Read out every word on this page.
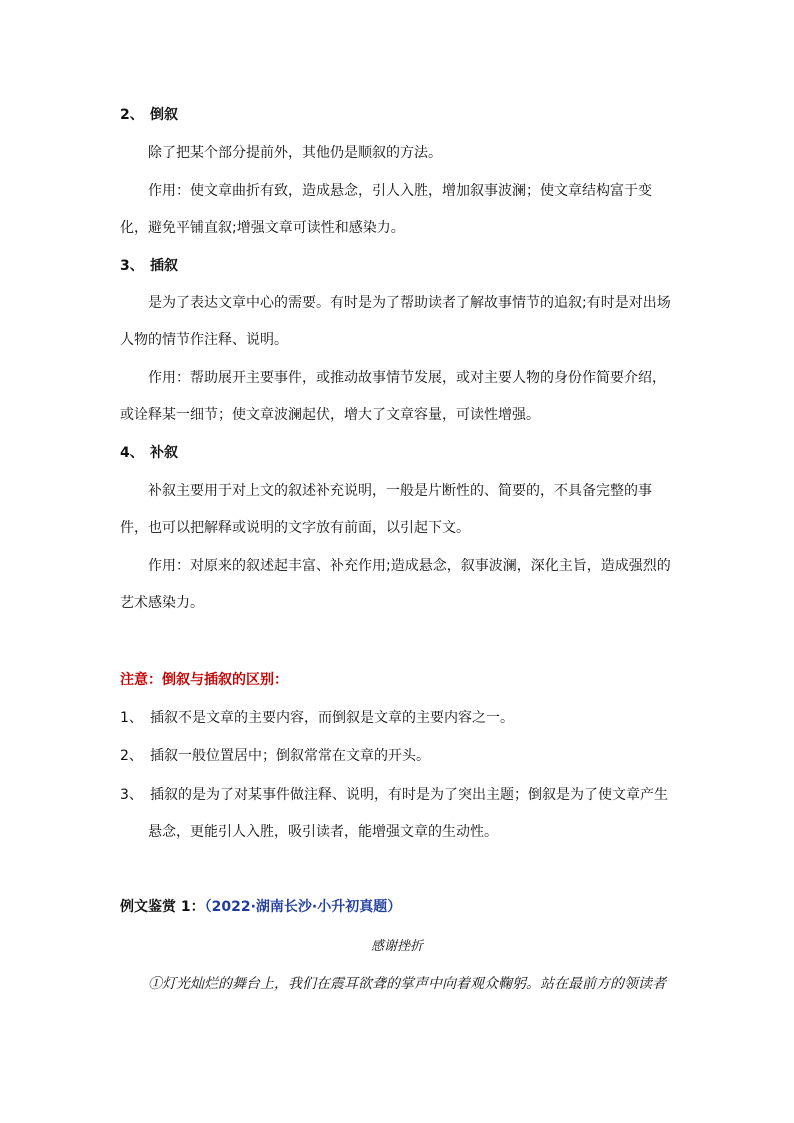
2、 倒叙
除了把某个部分提前外，其他仍是顺叙的方法。
作用：使文章曲折有致，造成悬念，引人入胜，增加叙事波澜；使文章结构富于变
化，避免平铺直叙;增强文章可读性和感染力。
3、 插叙
是为了表达文章中心的需要。有时是为了帮助读者了解故事情节的追叙;有时是对出场
人物的情节作注释、说明。
作用：帮助展开主要事件，或推动故事情节发展，或对主要人物的身份作简要介绍，
或诠释某一细节；使文章波澜起伏，增大了文章容量，可读性增强。
4、 补叙
补叙主要用于对上文的叙述补充说明，一般是片断性的、简要的，不具备完整的事
件，也可以把解释或说明的文字放有前面，以引起下文。
作用：对原来的叙述起丰富、补充作用;造成悬念，叙事波澜，深化主旨，造成强烈的
艺术感染力。
注意：倒叙与插叙的区别：
1、 插叙不是文章的主要内容，而倒叙是文章的主要内容之一。
2、 插叙一般位置居中；倒叙常常在文章的开头。
3、 插叙的是为了对某事件做注释、说明，有时是为了突出主题；倒叙是为了使文章产生
悬念，更能引人入胜，吸引读者，能增强文章的生动性。
例文鉴赏 1：（2022·湖南长沙·小升初真题）
感谢挫折
①灯光灿烂的舞台上，我们在震耳欲聋的掌声中向着观众鞠躬。站在最前方的领读者
